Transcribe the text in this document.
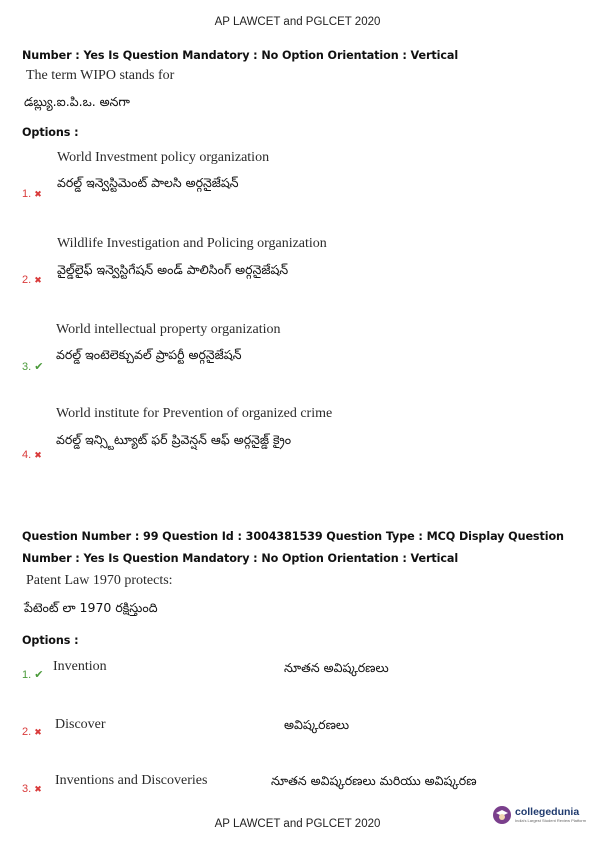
AP LAWCET and PGLCET 2020
Number : Yes Is Question Mandatory : No Option Orientation : Vertical
The term WIPO stands for
డబ్ల్యు.ఐ.పి.ఒ. అనగా
Options :
World Investment policy organization
1. ✖
వరల్డ్ ఇన్వెస్టిమెంట్ పాలసి అర్గనైజేషన్
Wildlife Investigation and Policing organization
2. ✖
వైల్డ్‌లైఫ్ ఇన్వెస్టిగేషన్ అండ్ పాలిసింగ్ అర్గనైజేషన్
World intellectual property organization
3. ✔
వరల్డ్ ఇంటెలెక్చువల్ ప్రాపర్టీ అర్గనైజేషన్
World institute for Prevention of organized crime
4. ✖
వరల్డ్ ఇన్స్టిట్యూట్ ఫర్ ప్రివెన్షన్ ఆఫ్ అర్గనైజ్డ్ క్రైం
Question Number : 99 Question Id : 3004381539 Question Type : MCQ Display Question
Number : Yes Is Question Mandatory : No Option Orientation : Vertical
Patent Law 1970 protects:
పేటెంట్ లా 1970 రక్షిస్తుంది
Options :
1. ✔
Invention	నూతన అవిష్కరణలు
2. ✖ Discover	అవిష్కరణలు
3. ✖
Inventions and Discoveries	నూతన అవిష్కరణలు మరియు అవిష్కరణ
AP LAWCET and PGLCET 2020
collegedunia
India's Largest Student Review Platform
